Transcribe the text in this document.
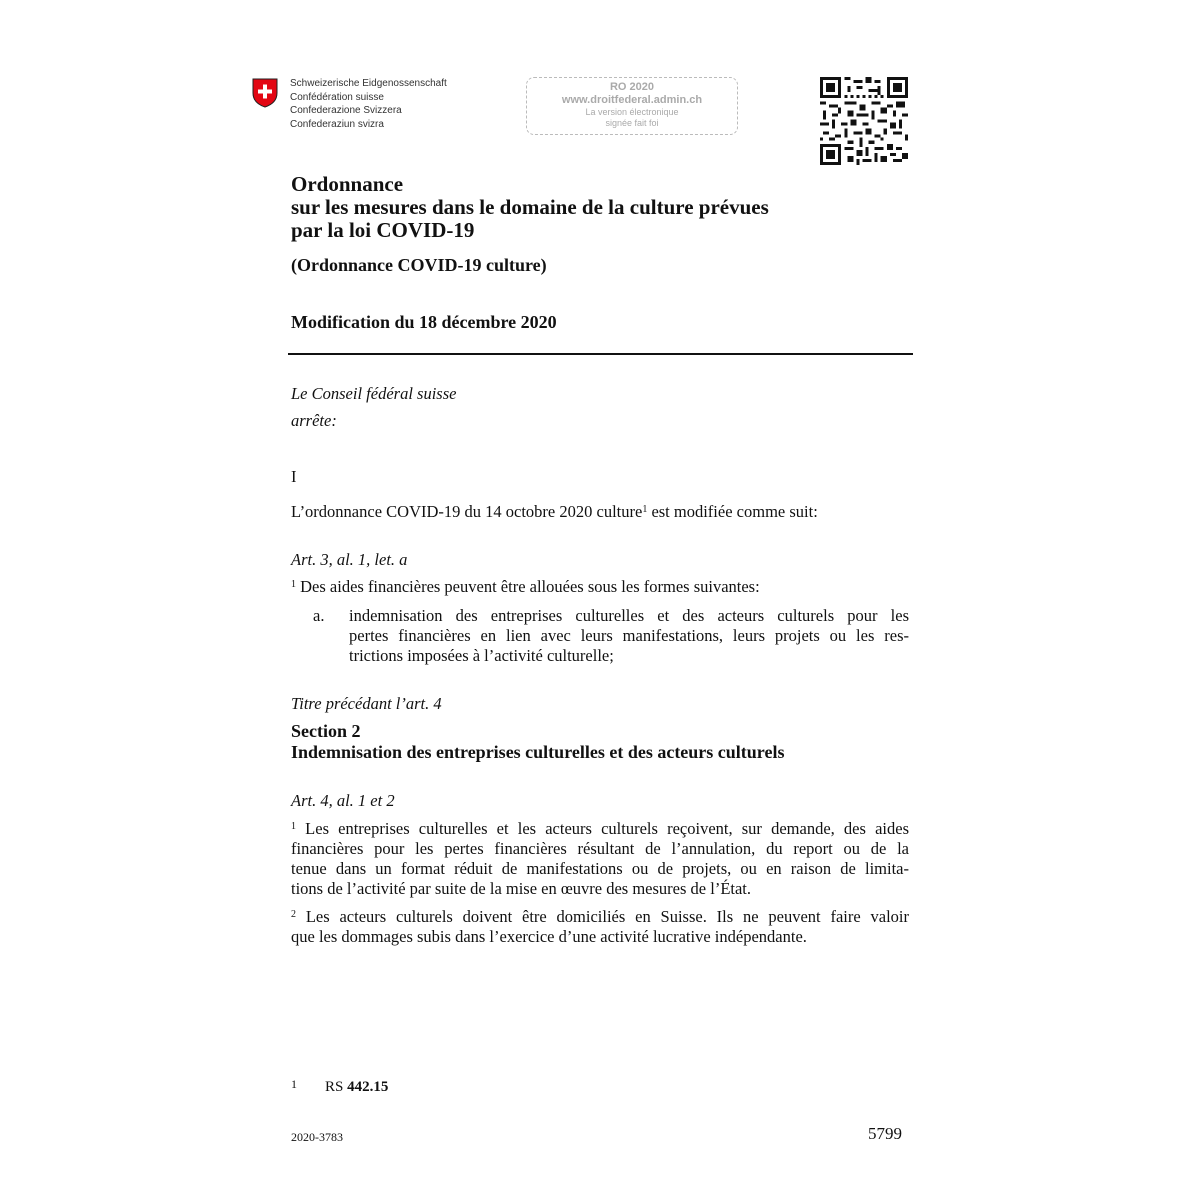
Schweizerische Eidgenossenschaft
Confédération suisse
Confederazione Svizzera
Confederaziun svizra
RO 2020
www.droitfederal.admin.ch
La version électronique
signée fait foi
Ordonnance
sur les mesures dans le domaine de la culture prévues
par la loi COVID-19
(Ordonnance COVID-19 culture)
Modification du 18 décembre 2020
Le Conseil fédéral suisse
arrête:
I
L’ordonnance COVID-19 du 14 octobre 2020 culture$^1$ est modifiée comme suit:
Art. 3, al. 1, let. a
$^1$ Des aides financières peuvent être allouées sous les formes suivantes:
a. indemnisation des entreprises culturelles et des acteurs culturels pour les
pertes financières en lien avec leurs manifestations, leurs projets ou les res-
trictions imposées à l’activité culturelle;
Titre précédant l’art. 4
Section 2
Indemnisation des entreprises culturelles et des acteurs culturels
Art. 4, al. 1 et 2
$^1$ Les entreprises culturelles et les acteurs culturels reçoivent, sur demande, des aides
financières pour les pertes financières résultant de l’annulation, du report ou de la
tenue dans un format réduit de manifestations ou de projets, ou en raison de limita-
tions de l’activité par suite de la mise en œuvre des mesures de l’État.
$^2$ Les acteurs culturels doivent être domiciliés en Suisse. Ils ne peuvent faire valoir
que les dommages subis dans l’exercice d’une activité lucrative indépendante.
1 RS 442.15
2020-3783	5799
